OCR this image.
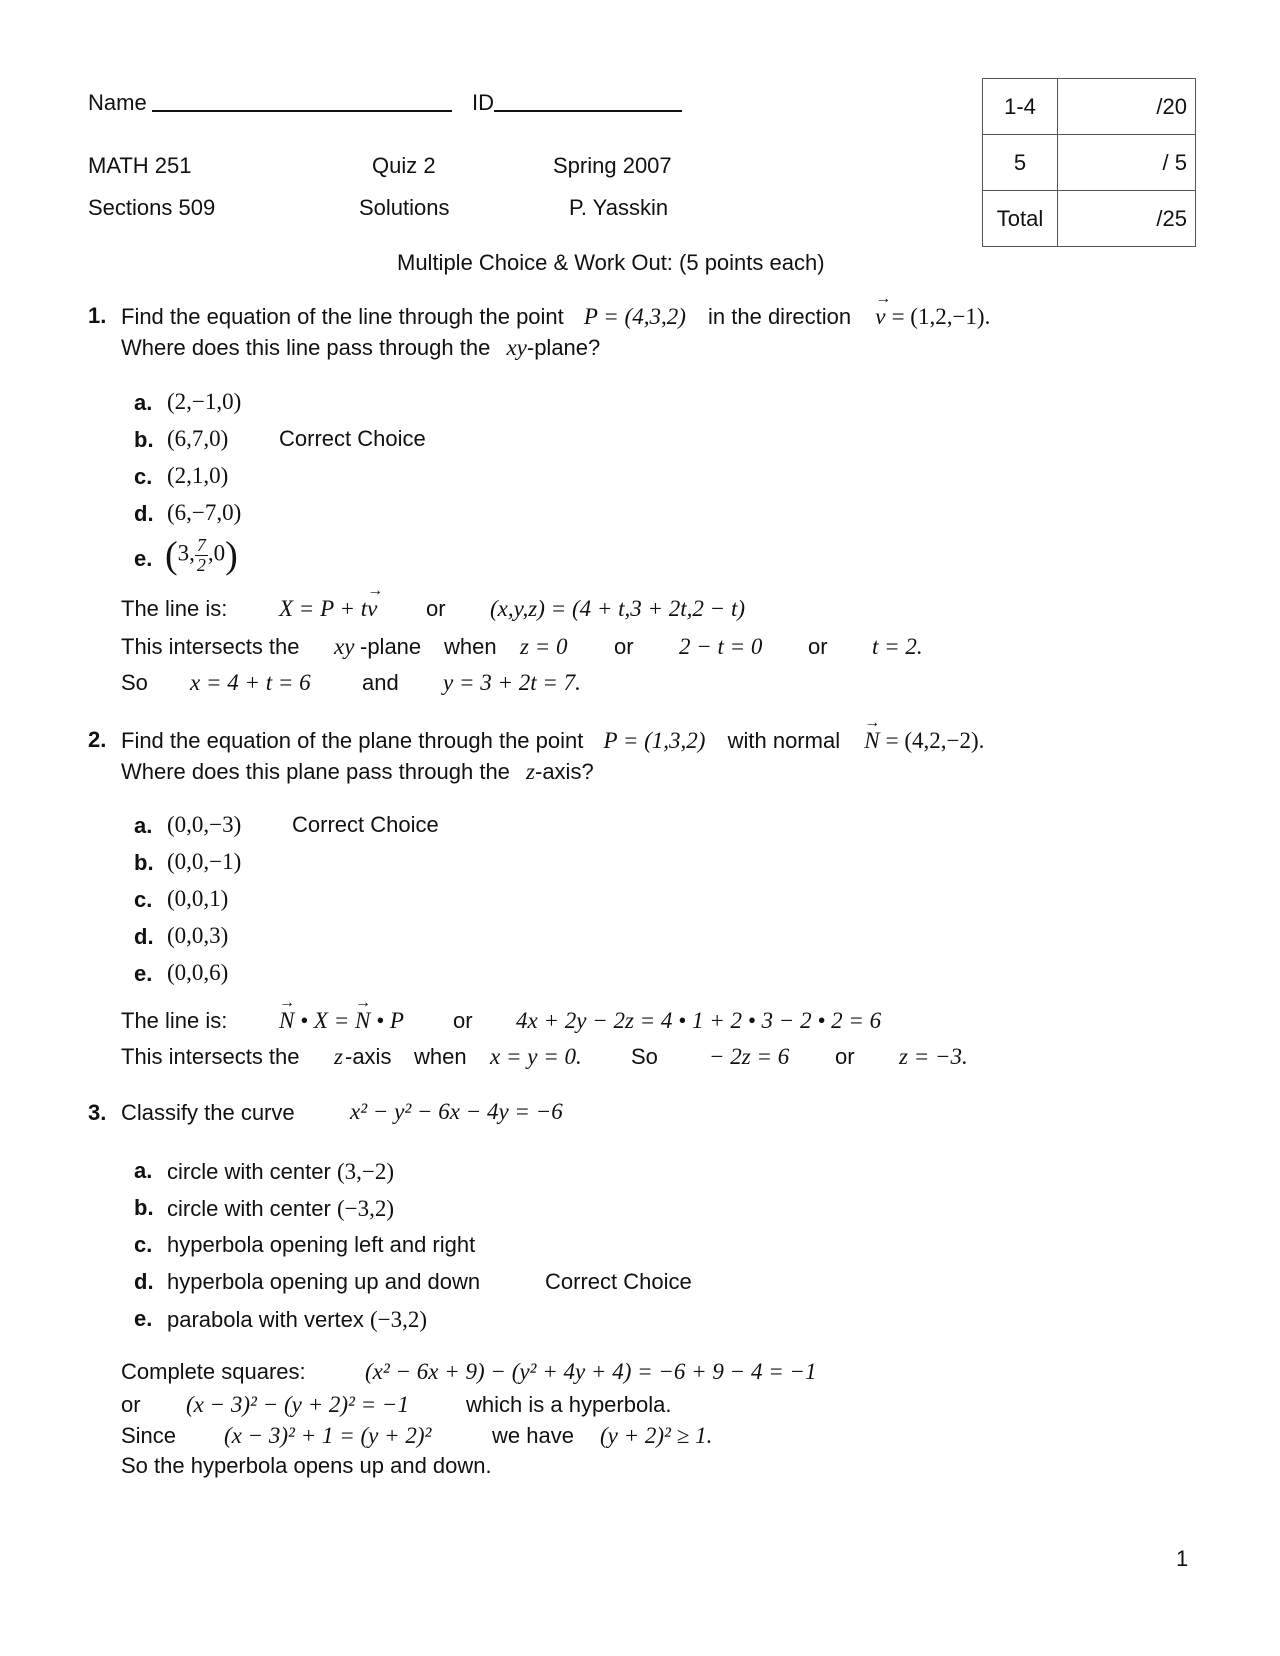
Name	ID
MATH 251	Quiz 2	Spring 2007
Sections 509	Solutions	P. Yasskin
1-4	/20
5	/ 5
Total	/25
Multiple Choice & Work Out: (5 points each)
1. Find the equation of the line through the point P = (4,3,2) in the direction → v = (1,2,−1).
Where does this line pass through the xy-plane?
a. (2,−1,0)
b. (6,7,0) Correct Choice
c. (2,1,0)
d. (6,−7,0)
e. (3, $\frac{7}{2} ,0$)
The line is: X = P + t→ v or (x,y,z) = (4 + t,3 + 2t,2 − t)
This intersects the xy -plane when z = 0 or 2 − t = 0 or t = 2.
So x = 4 + t = 6 and y = 3 + 2t = 7.
2. Find the equation of the plane through the point P = (1,3,2) with normal → N = (4,2,−2).
Where does this plane pass through the z-axis?
a. (0,0,−3) Correct Choice
b. (0,0,−1)
c. (0,0,1)
d. (0,0,3)
e. (0,0,6)
The line is: → N • X = → N • P or 4x + 2y − 2z = 4 • 1 + 2 • 3 − 2 • 2 = 6
This intersects the z -axis when x = y = 0. So − 2z = 6 or z = −3.
3. Classify the curve x² − y² − 6x − 4y = −6
a. circle with center (3,−2)
b. circle with center (−3,2)
c. hyperbola opening left and right
d. hyperbola opening up and down	Correct Choice
e. parabola with vertex (−3,2)
Complete squares:	(x² − 6x + 9) − (y² + 4y + 4) = −6 + 9 − 4 = −1
or (x − 3)² − (y + 2)² = −1	which is a hyperbola.
Since (x − 3)² + 1 = (y + 2)²	we have (y + 2)² ≥ 1.
So the hyperbola opens up and down.
1
